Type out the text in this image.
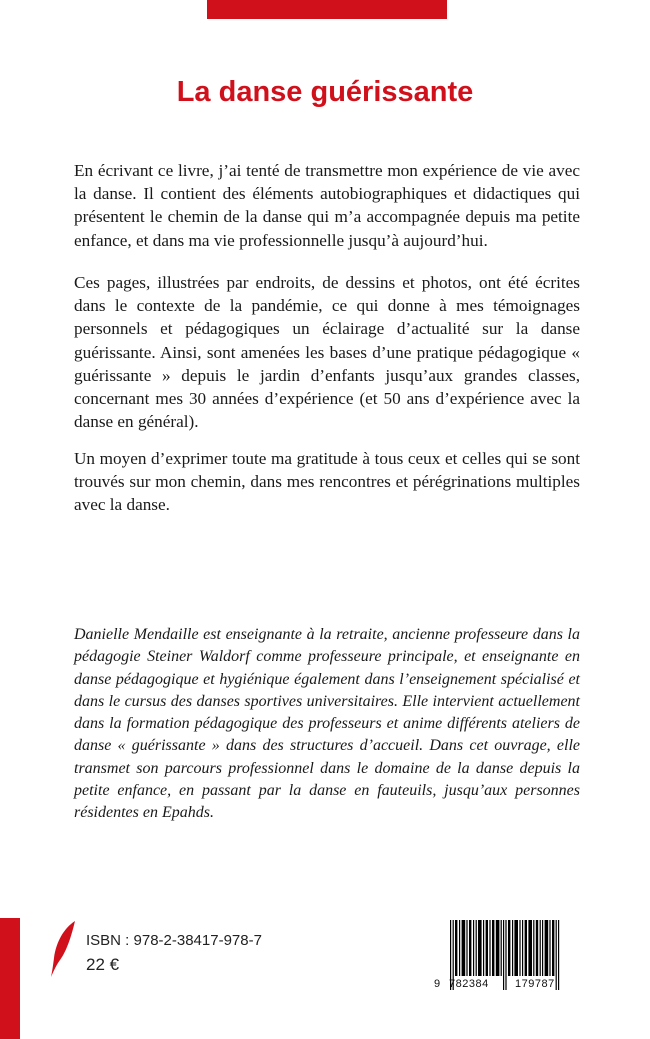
La danse guérissante

En écrivant ce livre, j’ai tenté de transmettre mon expérience de vie avec la danse. Il contient des éléments autobiographiques et didactiques qui présentent le chemin de la danse qui m’a accompagnée depuis ma petite enfance, et dans ma vie professionnelle jusqu’à aujourd’hui.

Ces pages, illustrées par endroits, de dessins et photos, ont été écrites dans le contexte de la pandémie, ce qui donne à mes témoignages personnels et pédagogiques un éclairage d’actualité sur la danse guérissante. Ainsi, sont amenées les bases d’une pratique pédagogique « guérissante » depuis le jardin d’enfants jusqu’aux grandes classes, concernant mes 30 années d’expérience (et 50 ans d’expérience avec la danse en général).

Un moyen d’exprimer toute ma gratitude à tous ceux et celles qui se sont trouvés sur mon chemin, dans mes rencontres et pérégrinations multiples avec la danse.

Danielle Mendaille est enseignante à la retraite, ancienne professeure dans la pédagogie Steiner Waldorf comme professeure principale, et enseignante en danse pédagogique et hygiénique également dans l’enseignement spécialisé et dans le cursus des danses sportives universitaires. Elle intervient actuellement dans la formation pédagogique des professeurs et anime différents ateliers de danse « guérissante » dans des structures d’accueil. Dans cet ouvrage, elle transmet son parcours professionnel dans le domaine de la danse depuis la petite enfance, en passant par la danse en fauteuils, jusqu’aux personnes résidentes en Epahds.

ISBN : 978-2-38417-978-7
22 €
9 782384 179787
